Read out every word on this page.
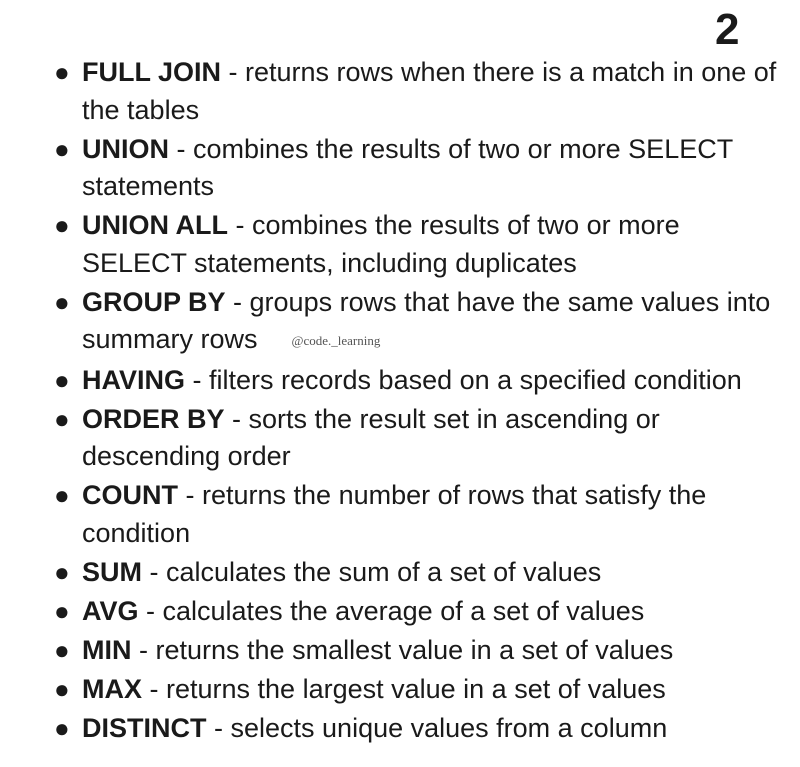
2
● FULL JOIN - returns rows when there is a match in one of the tables
● UNION - combines the results of two or more SELECT statements
● UNION ALL - combines the results of two or more SELECT statements, including duplicates
● GROUP BY - groups rows that have the same values into summary rows	@code._learning
● HAVING - filters records based on a specified condition
● ORDER BY - sorts the result set in ascending or descending order
● COUNT - returns the number of rows that satisfy the condition
● SUM - calculates the sum of a set of values
● AVG - calculates the average of a set of values
● MIN - returns the smallest value in a set of values
● MAX - returns the largest value in a set of values
● DISTINCT - selects unique values from a column
